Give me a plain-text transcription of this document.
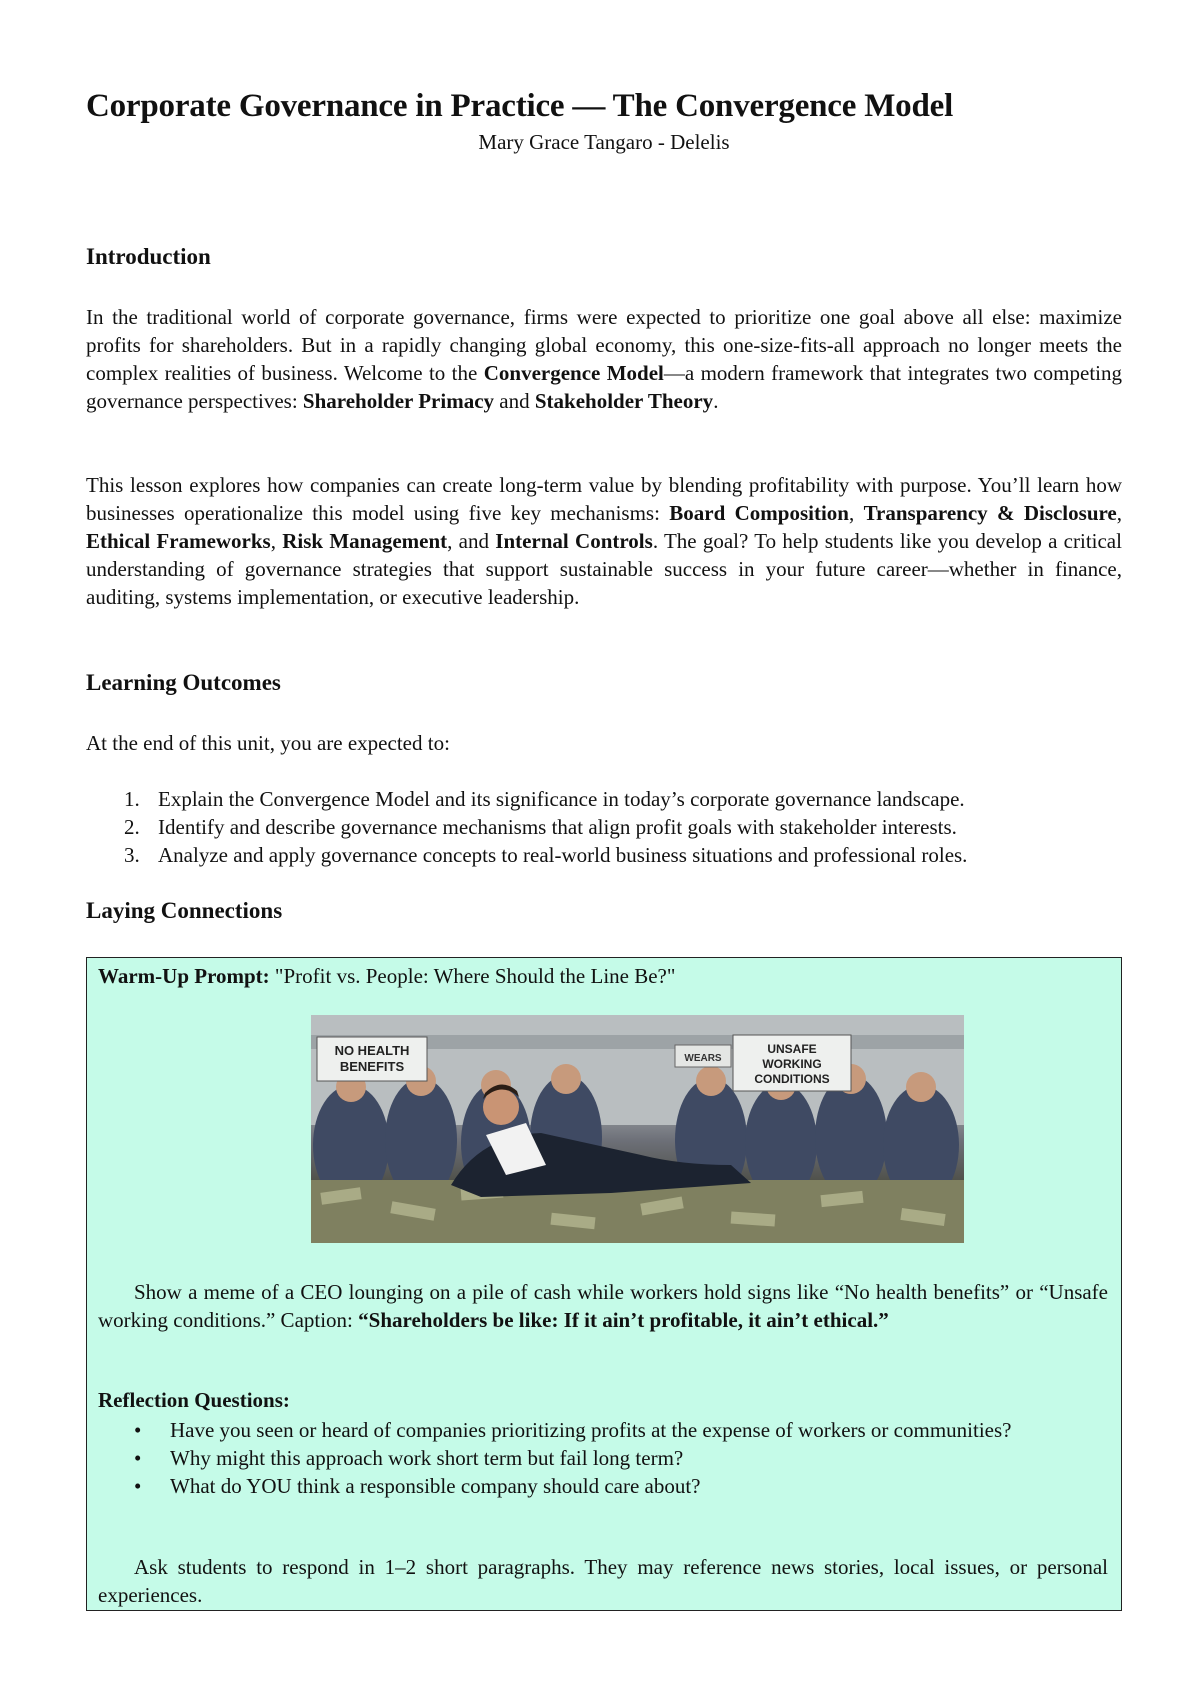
Corporate Governance in Practice — The Convergence Model
Mary Grace Tangaro - Delelis
Introduction

In the traditional world of corporate governance, firms were expected to prioritize one goal above all else: maximize profits for shareholders. But in a rapidly changing global economy, this one-size-fits-all approach no longer meets the complex realities of business. Welcome to the Convergence Model—a modern framework that integrates two competing governance perspectives: Shareholder Primacy and Stakeholder Theory.

This lesson explores how companies can create long-term value by blending profitability with purpose. You’ll learn how businesses operationalize this model using five key mechanisms: Board Composition, Transparency & Disclosure, Ethical Frameworks, Risk Management, and Internal Controls. The goal? To help students like you develop a critical understanding of governance strategies that support sustainable success in your future career—whether in finance, auditing, systems implementation, or executive leadership.

Learning Outcomes

At the end of this unit, you are expected to:

1. Explain the Convergence Model and its significance in today’s corporate governance landscape.
2. Identify and describe governance mechanisms that align profit goals with stakeholder interests.
3. Analyze and apply governance concepts to real-world business situations and professional roles.
Laying Connections
Warm-Up Prompt: "Profit vs. People: Where Should the Line Be?"
NO HEALTH
BENEFITS
UNSAFE
WORKING
CONDITIONS
WEARS

Show a meme of a CEO lounging on a pile of cash while workers hold signs like “No health benefits” or “Unsafe working conditions.” Caption: “Shareholders be like: If it ain’t profitable, it ain’t ethical.”

Reflection Questions:
• Have you seen or heard of companies prioritizing profits at the expense of workers or communities?
• Why might this approach work short term but fail long term?
• What do YOU think a responsible company should care about?

Ask students to respond in 1–2 short paragraphs. They may reference news stories, local issues, or personal experiences.
